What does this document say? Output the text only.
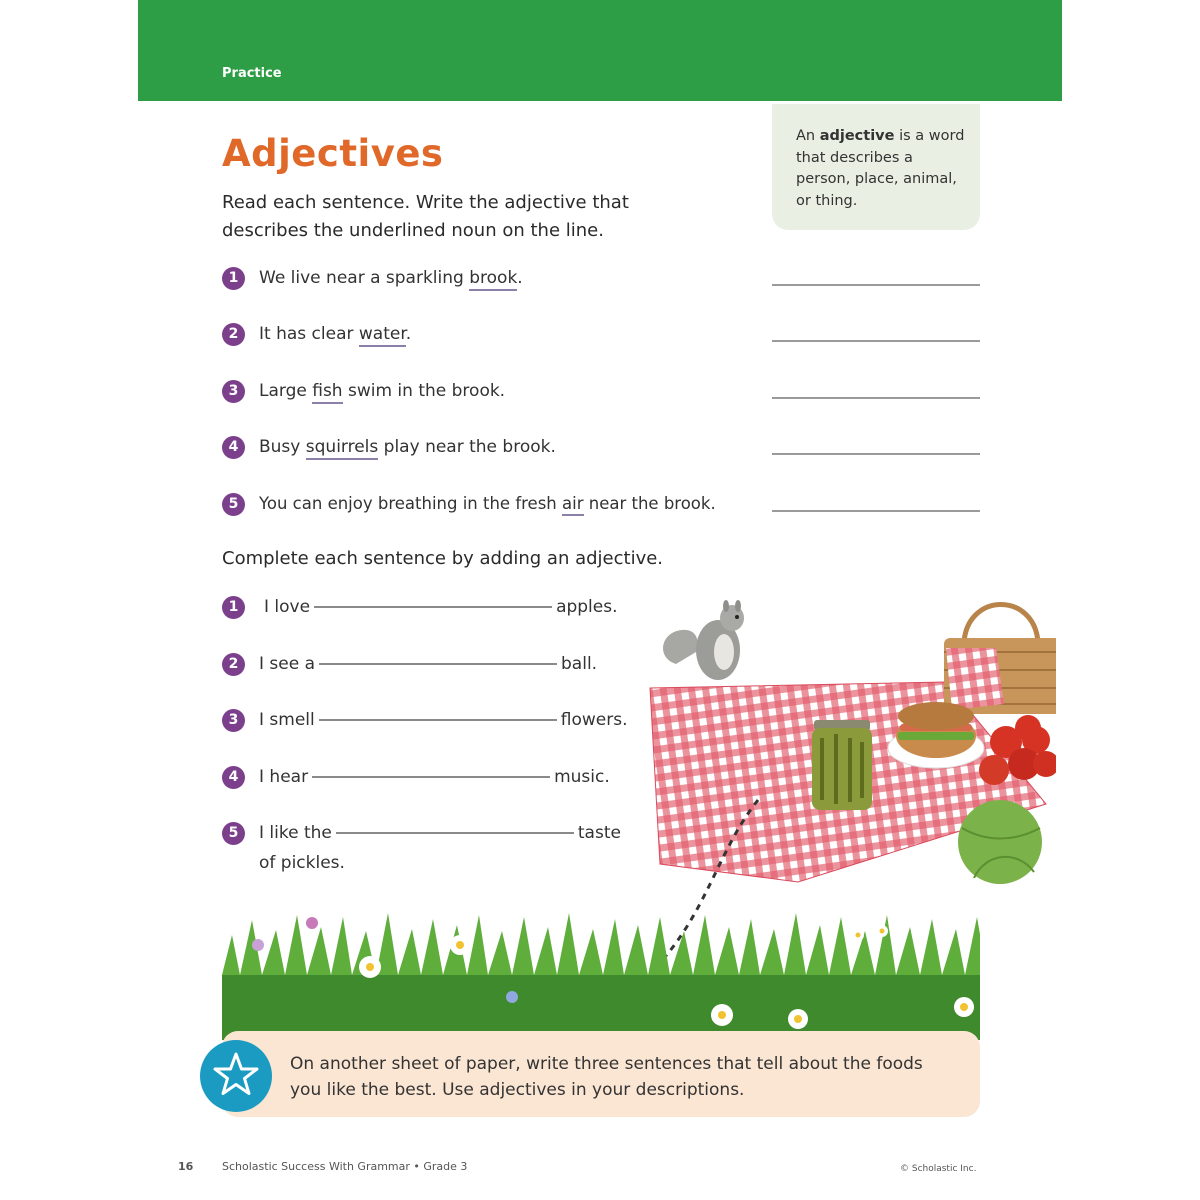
Practice
Adjectives
Read each sentence. Write the adjective that describes the underlined noun on the line.
An adjective is a word that describes a person, place, animal, or thing.
1	We live near a sparkling brook.
2	It has clear water.
3	Large fish swim in the brook.
4	Busy squirrels play near the brook.
5	You can enjoy breathing in the fresh air near the brook.
Complete each sentence by adding an adjective.
1	I love	apples.
2	I see a	ball.
3	I smell	flowers.
4	I hear	music.
5	I like the	taste
of pickles.
On another sheet of paper, write three sentences that tell about the foods you like the best. Use adjectives in your descriptions.
16	Scholastic Success With Grammar • Grade 3	© Scholastic Inc.
